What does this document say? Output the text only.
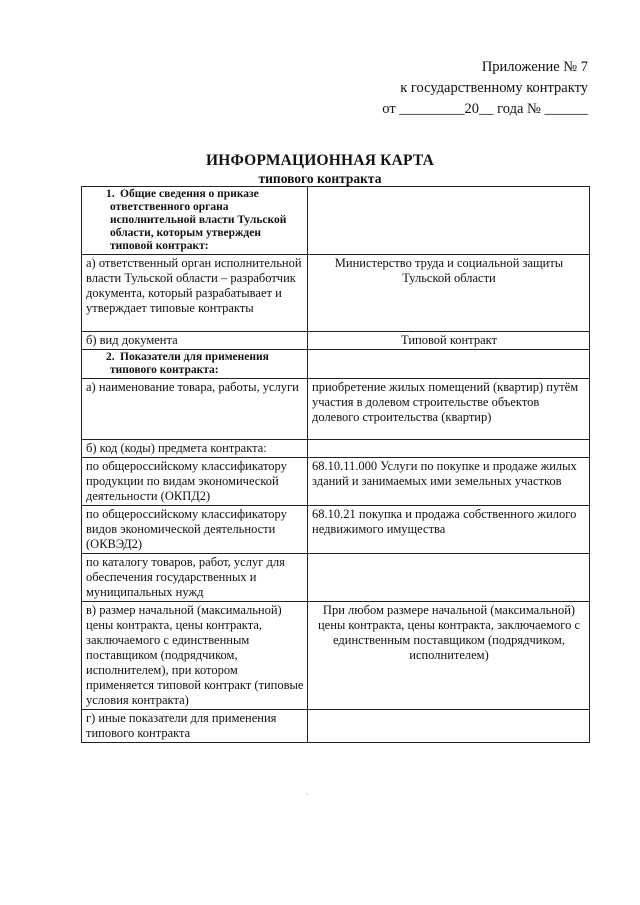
Приложение № 7
к государственному контракту
от _________20__ года № ______
ИНФОРМАЦИОННАЯ КАРТА
типового контракта
1. Общие сведения о приказе ответственного органа исполнительной власти Тульской области, которым утвержден типовой контракт:	
а) ответственный орган исполнительной власти Тульской области – разработчик документа, который разрабатывает и утверждает типовые контракты	Министерство труда и социальной защиты Тульской области
б) вид документа	Типовой контракт
2. Показатели для применения типового контракта:	
а) наименование товара, работы, услуги	приобретение жилых помещений (квартир) путём участия в долевом строительстве объектов долевого строительства (квартир)
б) код (коды) предмета контракта:	
по общероссийскому классификатору продукции по видам экономической деятельности (ОКПД2)	68.10.11.000 Услуги по покупке и продаже жилых зданий и занимаемых ими земельных участков
по общероссийскому классификатору видов экономической деятельности (ОКВЭД2)	68.10.21 покупка и продажа собственного жилого недвижимого имущества
по каталогу товаров, работ, услуг для обеспечения государственных и муниципальных нужд	
в) размер начальной (максимальной) цены контракта, цены контракта, заключаемого с единственным поставщиком (подрядчиком, исполнителем), при котором применяется типовой контракт (типовые условия контракта)	При любом размере начальной (максимальной) цены контракта, цены контракта, заключаемого с единственным поставщиком (подрядчиком, исполнителем)
г) иные показатели для применения типового контракта	
·
